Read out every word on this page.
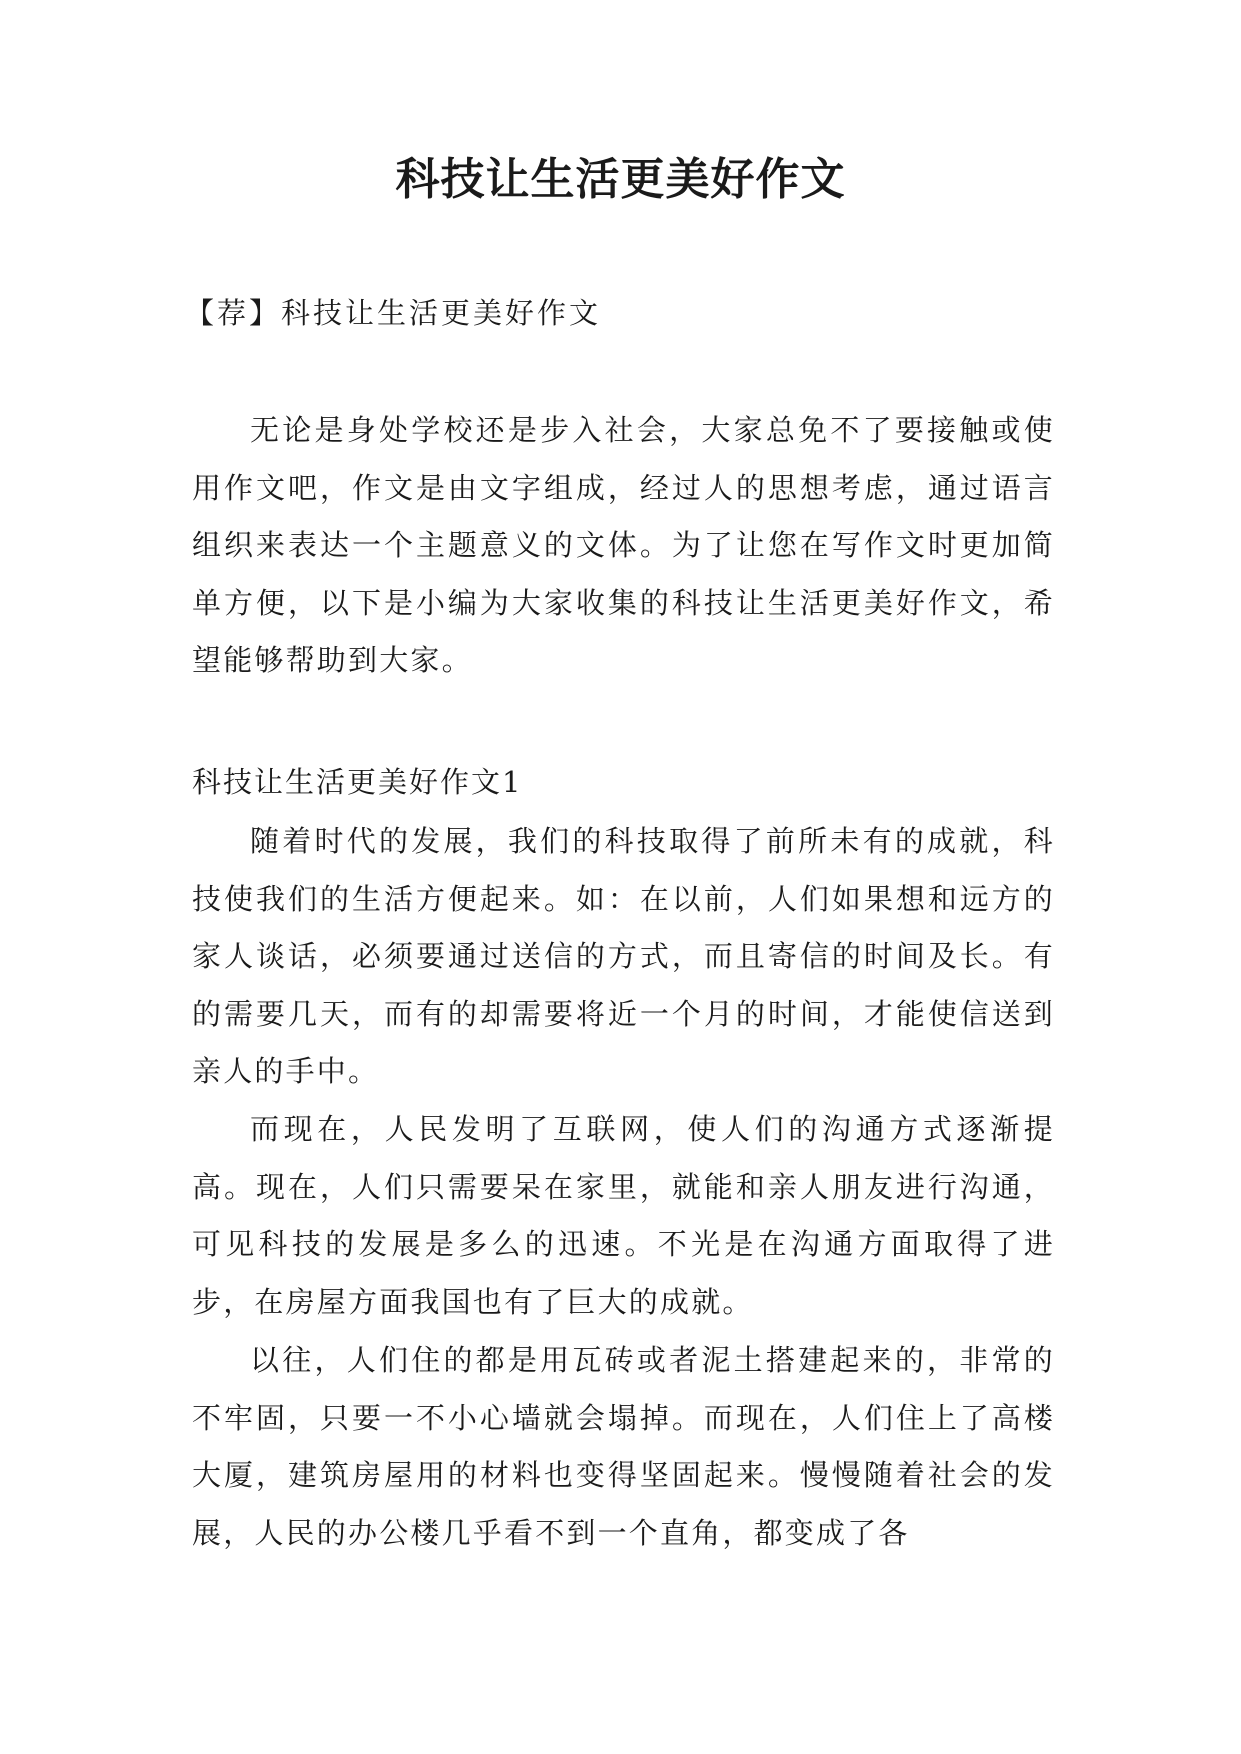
科技让生活更美好作文

【荐】科技让生活更美好作文

无论是身处学校还是步入社会，大家总免不了要接触或使用作文吧，作文是由文字组成，经过人的思想考虑，通过语言组织来表达一个主题意义的文体。为了让您在写作文时更加简单方便，以下是小编为大家收集的科技让生活更美好作文，希望能够帮助到大家。

科技让生活更美好作文1

随着时代的发展，我们的科技取得了前所未有的成就，科技使我们的生活方便起来。如：在以前，人们如果想和远方的家人谈话，必须要通过送信的方式，而且寄信的时间及长。有的需要几天，而有的却需要将近一个月的时间，才能使信送到亲人的手中。

而现在，人民发明了互联网，使人们的沟通方式逐渐提高。现在，人们只需要呆在家里，就能和亲人朋友进行沟通，可见科技的发展是多么的迅速。不光是在沟通方面取得了进步，在房屋方面我国也有了巨大的成就。

以往，人们住的都是用瓦砖或者泥土搭建起来的，非常的不牢固，只要一不小心墙就会塌掉。而现在，人们住上了高楼大厦，建筑房屋用的材料也变得坚固起来。慢慢随着社会的发展，人民的办公楼几乎看不到一个直角，都变成了各
